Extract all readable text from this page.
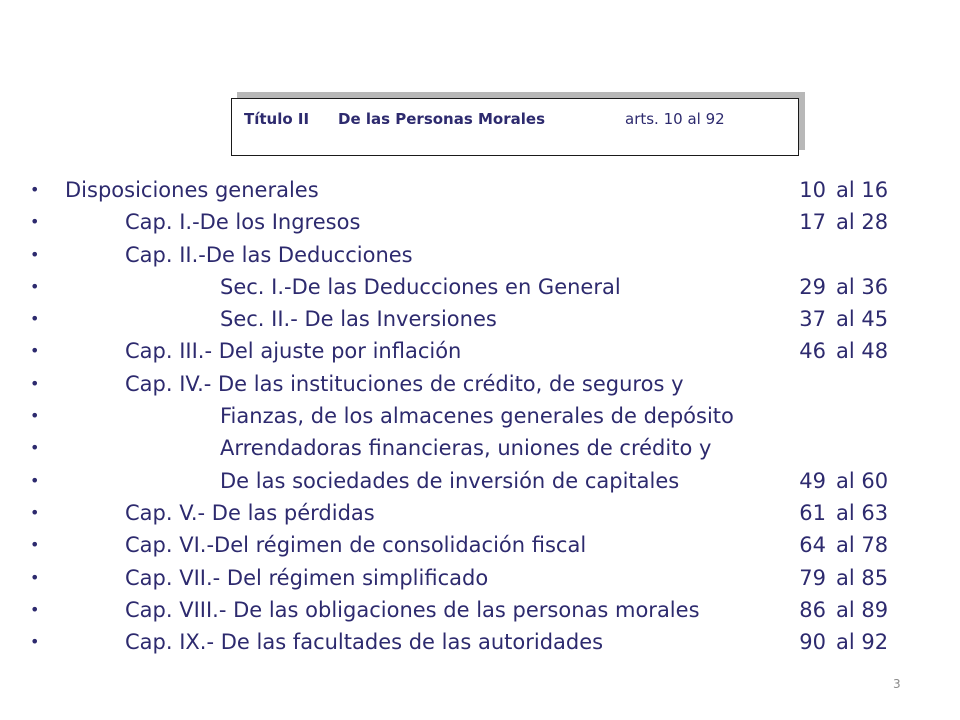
Título II De las Personas Morales	arts. 10 al 92
• Disposiciones generales	10 al 16
•	Cap. I.-De los Ingresos	17 al 28
•	Cap. II.-De las Deducciones
•	Sec. I.-De las Deducciones en General	29 al 36
•	Sec. II.- De las Inversiones	37 al 45
•	Cap. III.- Del ajuste por inflación	46 al 48
•	Cap. IV.- De las instituciones de crédito, de seguros y
•	Fianzas, de los almacenes generales de depósito
•	Arrendadoras financieras, uniones de crédito y
•	De las sociedades de inversión de capitales	49 al 60
•	Cap. V.- De las pérdidas	61 al 63
•	Cap. VI.-Del régimen de consolidación fiscal	64 al 78
•	Cap. VII.- Del régimen simplificado	79 al 85
•	Cap. VIII.- De las obligaciones de las personas morales	86 al 89
•	Cap. IX.- De las facultades de las autoridades	90 al 92
3
